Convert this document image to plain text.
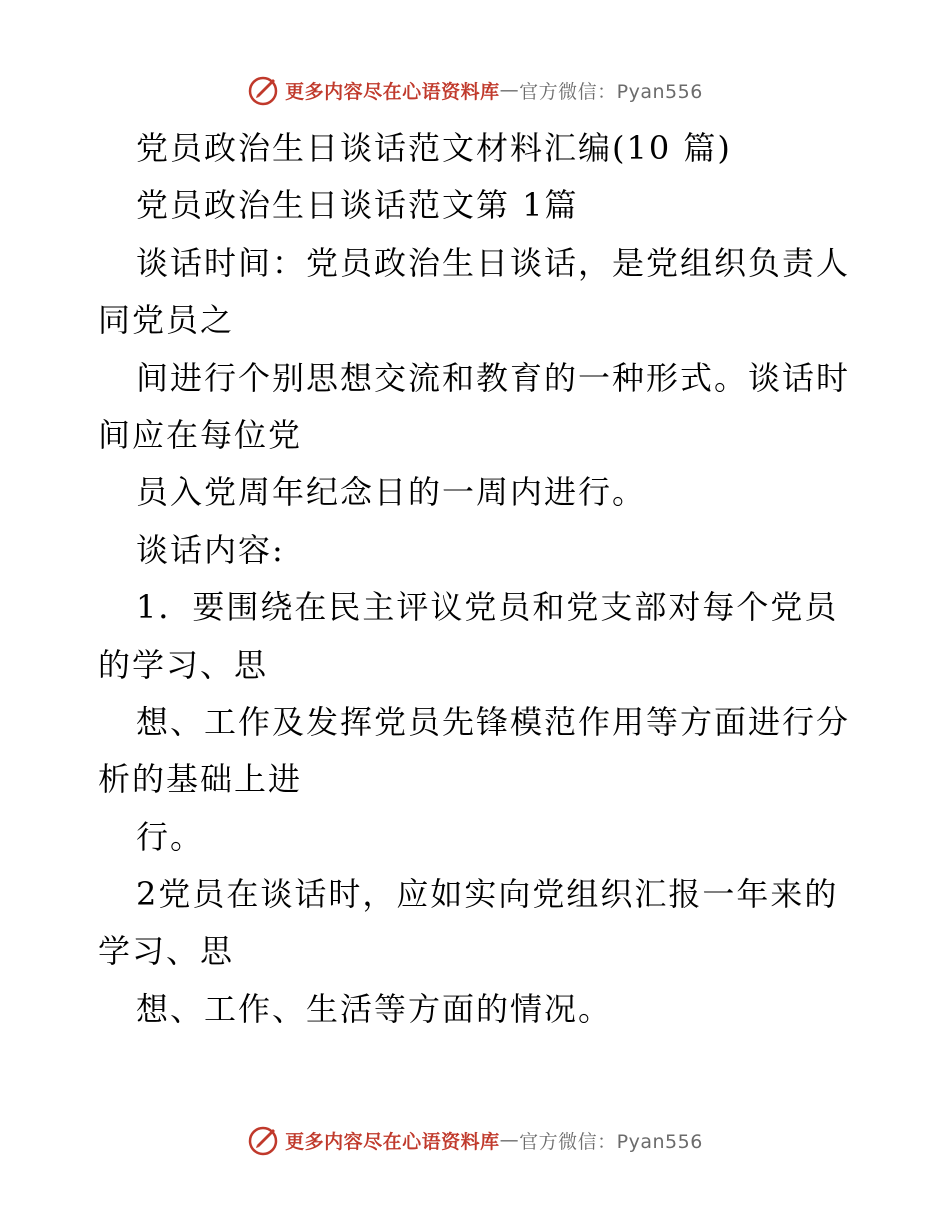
更多内容尽在心语资料库 — 官方微信：Pyan556
党员政治生日谈话范文材料汇编(10 篇)
党员政治生日谈话范文第 1篇
谈话时间：党员政治生日谈话，是党组织负责人
同党员之
间进行个别思想交流和教育的一种形式。谈话时
间应在每位党
员入党周年纪念日的一周内进行。
谈话内容:
1．要围绕在民主评议党员和党支部对每个党员
的学习、思
想、工作及发挥党员先锋模范作用等方面进行分
析的基础上进
行。
2党员在谈话时，应如实向党组织汇报一年来的
学习、思
想、工作、生活等方面的情况。
更多内容尽在心语资料库 — 官方微信：Pyan556
